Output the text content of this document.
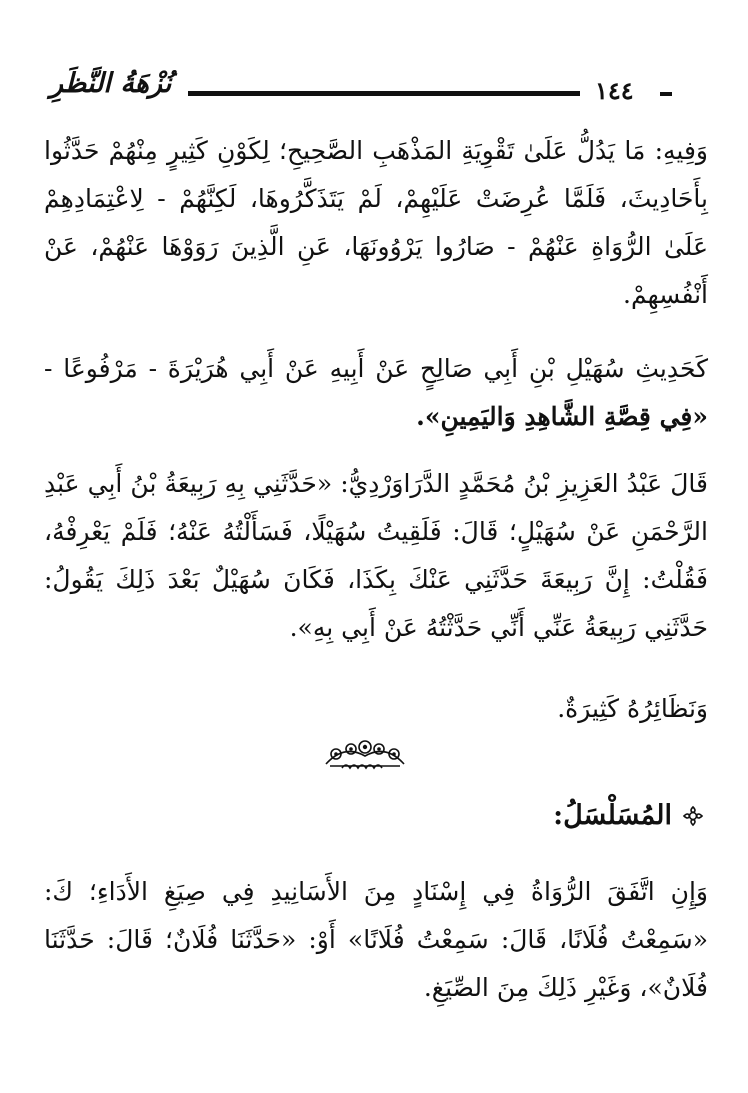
نُزْهَةُ النَّظَرِ	١٤٤

وَفِيهِ: مَا يَدُلُّ عَلَىٰ تَقْوِيَةِ المَذْهَبِ الصَّحِيحِ؛ لِكَوْنِ كَثِيرٍ مِنْهُمْ حَدَّثُوا بِأَحَادِيثَ، فَلَمَّا عُرِضَتْ عَلَيْهِمْ، لَمْ يَتَذَكَّرُوهَا، لَكِنَّهُمْ - لِاعْتِمَادِهِمْ عَلَىٰ الرُّوَاةِ عَنْهُمْ - صَارُوا يَرْوُونَهَا، عَنِ الَّذِينَ رَوَوْهَا عَنْهُمْ، عَنْ أَنْفُسِهِمْ.

كَحَدِيثِ سُهَيْلِ بْنِ أَبِي صَالِحٍ عَنْ أَبِيهِ عَنْ أَبِي هُرَيْرَةَ - مَرْفُوعًا - «فِي قِصَّةِ الشَّاهِدِ وَاليَمِينِ».

قَالَ عَبْدُ العَزِيزِ بْنُ مُحَمَّدٍ الدَّرَاوَرْدِيُّ: «حَدَّثَنِي بِهِ رَبِيعَةُ بْنُ أَبِي عَبْدِ الرَّحْمَنِ عَنْ سُهَيْلٍ؛ قَالَ: فَلَقِيتُ سُهَيْلًا، فَسَأَلْتُهُ عَنْهُ؛ فَلَمْ يَعْرِفْهُ، فَقُلْتُ: إِنَّ رَبِيعَةَ حَدَّثَنِي عَنْكَ بِكَذَا، فَكَانَ سُهَيْلٌ بَعْدَ ذَلِكَ يَقُولُ: حَدَّثَنِي رَبِيعَةُ عَنِّي أَنِّي حَدَّثْتُهُ عَنْ أَبِي بِهِ».

وَنَظَائِرُهُ كَثِيرَةٌ.

المُسَلْسَلُ:

وَإِنِ اتَّفَقَ الرُّوَاةُ فِي إِسْنَادٍ مِنَ الأَسَانِيدِ فِي صِيَغِ الأَدَاءِ؛ كَ: «سَمِعْتُ فُلَانًا، قَالَ: سَمِعْتُ فُلَانًا» أَوْ: «حَدَّثَنَا فُلَانٌ؛ قَالَ: حَدَّثَنَا فُلَانٌ»، وَغَيْرِ ذَلِكَ مِنَ الصِّيَغِ.
